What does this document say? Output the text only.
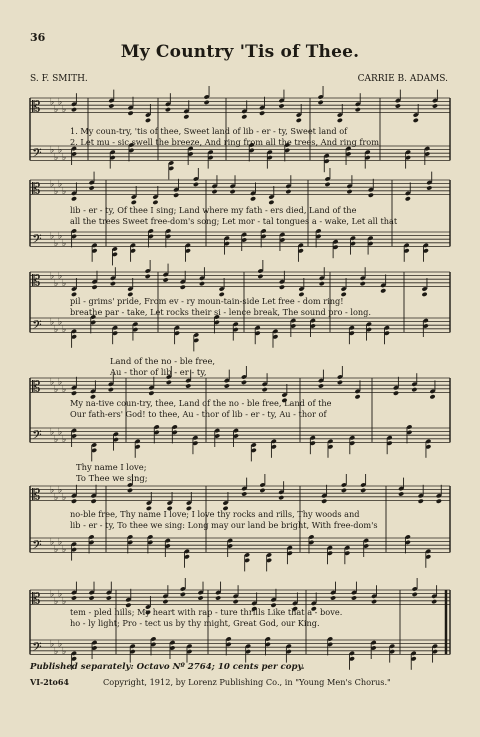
36
My Country 'Tis of Thee.
S. F. SMITH.	CARRIE B. ADAMS.
𝄡 ♭
♭
♭
♭
𝄢 ♭
♭
♭
♭
𝄡 ♭
♭
♭
♭
𝄢 ♭
♭
♭
♭
𝄡 ♭
♭
♭
♭
𝄢 ♭
♭
♭
♭
𝄡 ♭
♭
♭
♭
𝄢 ♭
♭
♭
♭
𝄡 ♭
♭
♭
♭
𝄢 ♭
♭
♭
♭
𝄡 ♭
♭
♭
♭
𝄢 ♭
♭
♭
♭
1. My coun-try, 'tis of thee, Sweet land of lib - er - ty, Sweet land of
2. Let mu - sic swell the breeze, And ring from all the trees, And ring from
lib - er - ty, Of thee I sing; Land where my fath - ers died, Land of the
all the trees Sweet free-dom's song; Let mor - tal tongues a - wake, Let all that
pil - grims' pride, From ev - ry moun-tain-side Let free - dom ring!
breathe par - take, Let rocks their si - lence break, The sound pro - long.
Land of the no - ble free,
Au - thor of lib - er - ty,
My na-tive coun-try, thee, Land of the no - ble free, Land of the
Our fath-ers' God! to thee, Au - thor of lib - er - ty, Au - thor of
Thy name I love;
To Thee we sing;
no-ble free, Thy name I love; I love thy rocks and rills, Thy woods and
lib - er - ty, To thee we sing: Long may our land be bright, With free-dom's
tem - pled hills; My heart with rap - ture thrills Like that a - bove.
ho - ly light; Pro - tect us by thy might, Great God, our King.
Published separately: Octavo Nº 2764; 10 cents per copy.
VI-2to64	Copyright, 1912, by Lorenz Publishing Co., in "Young Men's Chorus."
